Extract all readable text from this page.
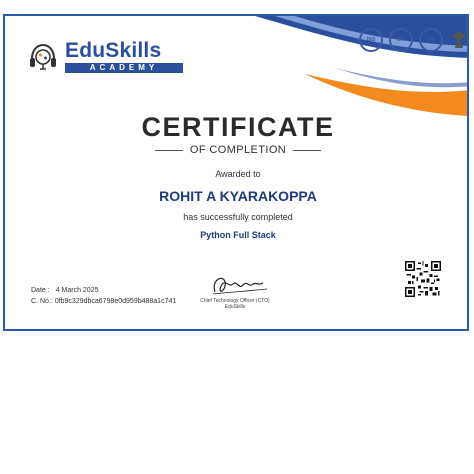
EduSkills
ACADEMY
ISO	ISO	IAO
CERTIFICATE
OF COMPLETION
Awarded to
ROHIT A KYARAKOPPA
has successfully completed
Python Full Stack
Date : 4 March 2025
C. No.: 0fb9c329dbca6798e0d959b488a1c741	Chief Technology Officer (CTO)
EduSkills
